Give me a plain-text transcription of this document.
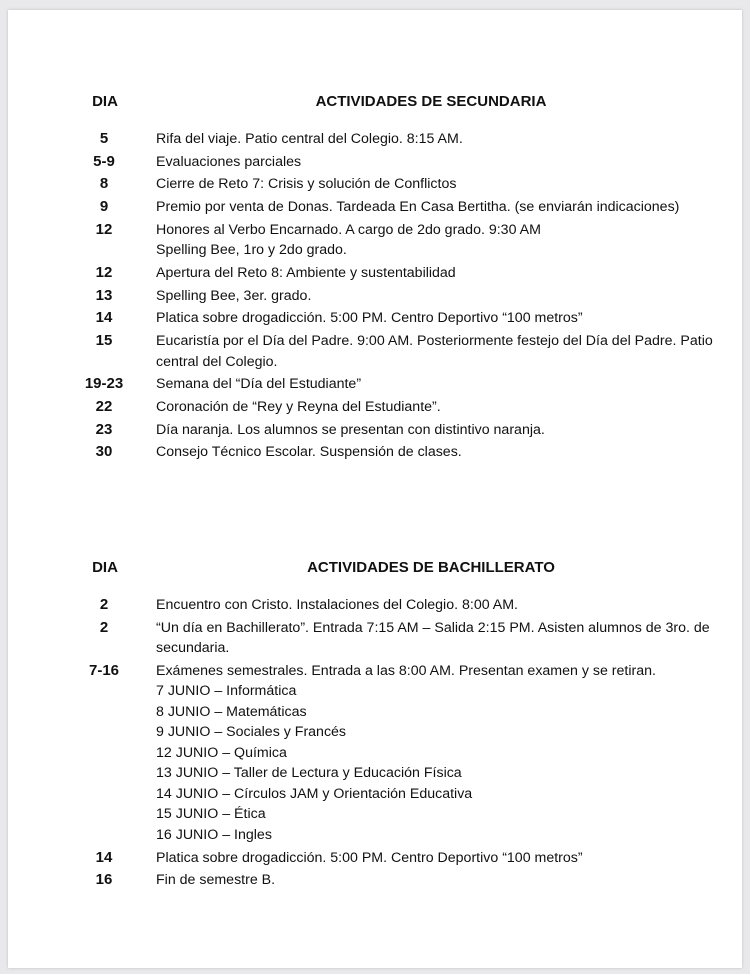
DIA	ACTIVIDADES DE SECUNDARIA
5	Rifa del viaje. Patio central del Colegio. 8:15 AM.
5-9	Evaluaciones parciales
8	Cierre de Reto 7: Crisis y solución de Conflictos
9	Premio por venta de Donas. Tardeada En Casa Bertitha. (se enviarán indicaciones)
12	Honores al Verbo Encarnado. A cargo de 2do grado. 9:30 AM
Spelling Bee, 1ro y 2do grado.
12	Apertura del Reto 8: Ambiente y sustentabilidad
13	Spelling Bee, 3er. grado.
14	Platica sobre drogadicción. 5:00 PM. Centro Deportivo “100 metros”
15	Eucaristía por el Día del Padre. 9:00 AM. Posteriormente festejo del Día del Padre. Patio central del Colegio.
19-23	Semana del “Día del Estudiante”
22	Coronación de “Rey y Reyna del Estudiante”.
23	Día naranja. Los alumnos se presentan con distintivo naranja.
30	Consejo Técnico Escolar. Suspensión de clases.
DIA	ACTIVIDADES DE BACHILLERATO
2	Encuentro con Cristo. Instalaciones del Colegio. 8:00 AM.
2	“Un día en Bachillerato”. Entrada 7:15 AM – Salida 2:15 PM. Asisten alumnos de 3ro. de secundaria.
7-16	Exámenes semestrales. Entrada a las 8:00 AM. Presentan examen y se retiran.
7 JUNIO – Informática
8 JUNIO – Matemáticas
9 JUNIO – Sociales y Francés
12 JUNIO – Química
13 JUNIO – Taller de Lectura y Educación Física
14 JUNIO – Círculos JAM y Orientación Educativa
15 JUNIO – Ética
16 JUNIO – Ingles
14	Platica sobre drogadicción. 5:00 PM. Centro Deportivo “100 metros”
16	Fin de semestre B.
